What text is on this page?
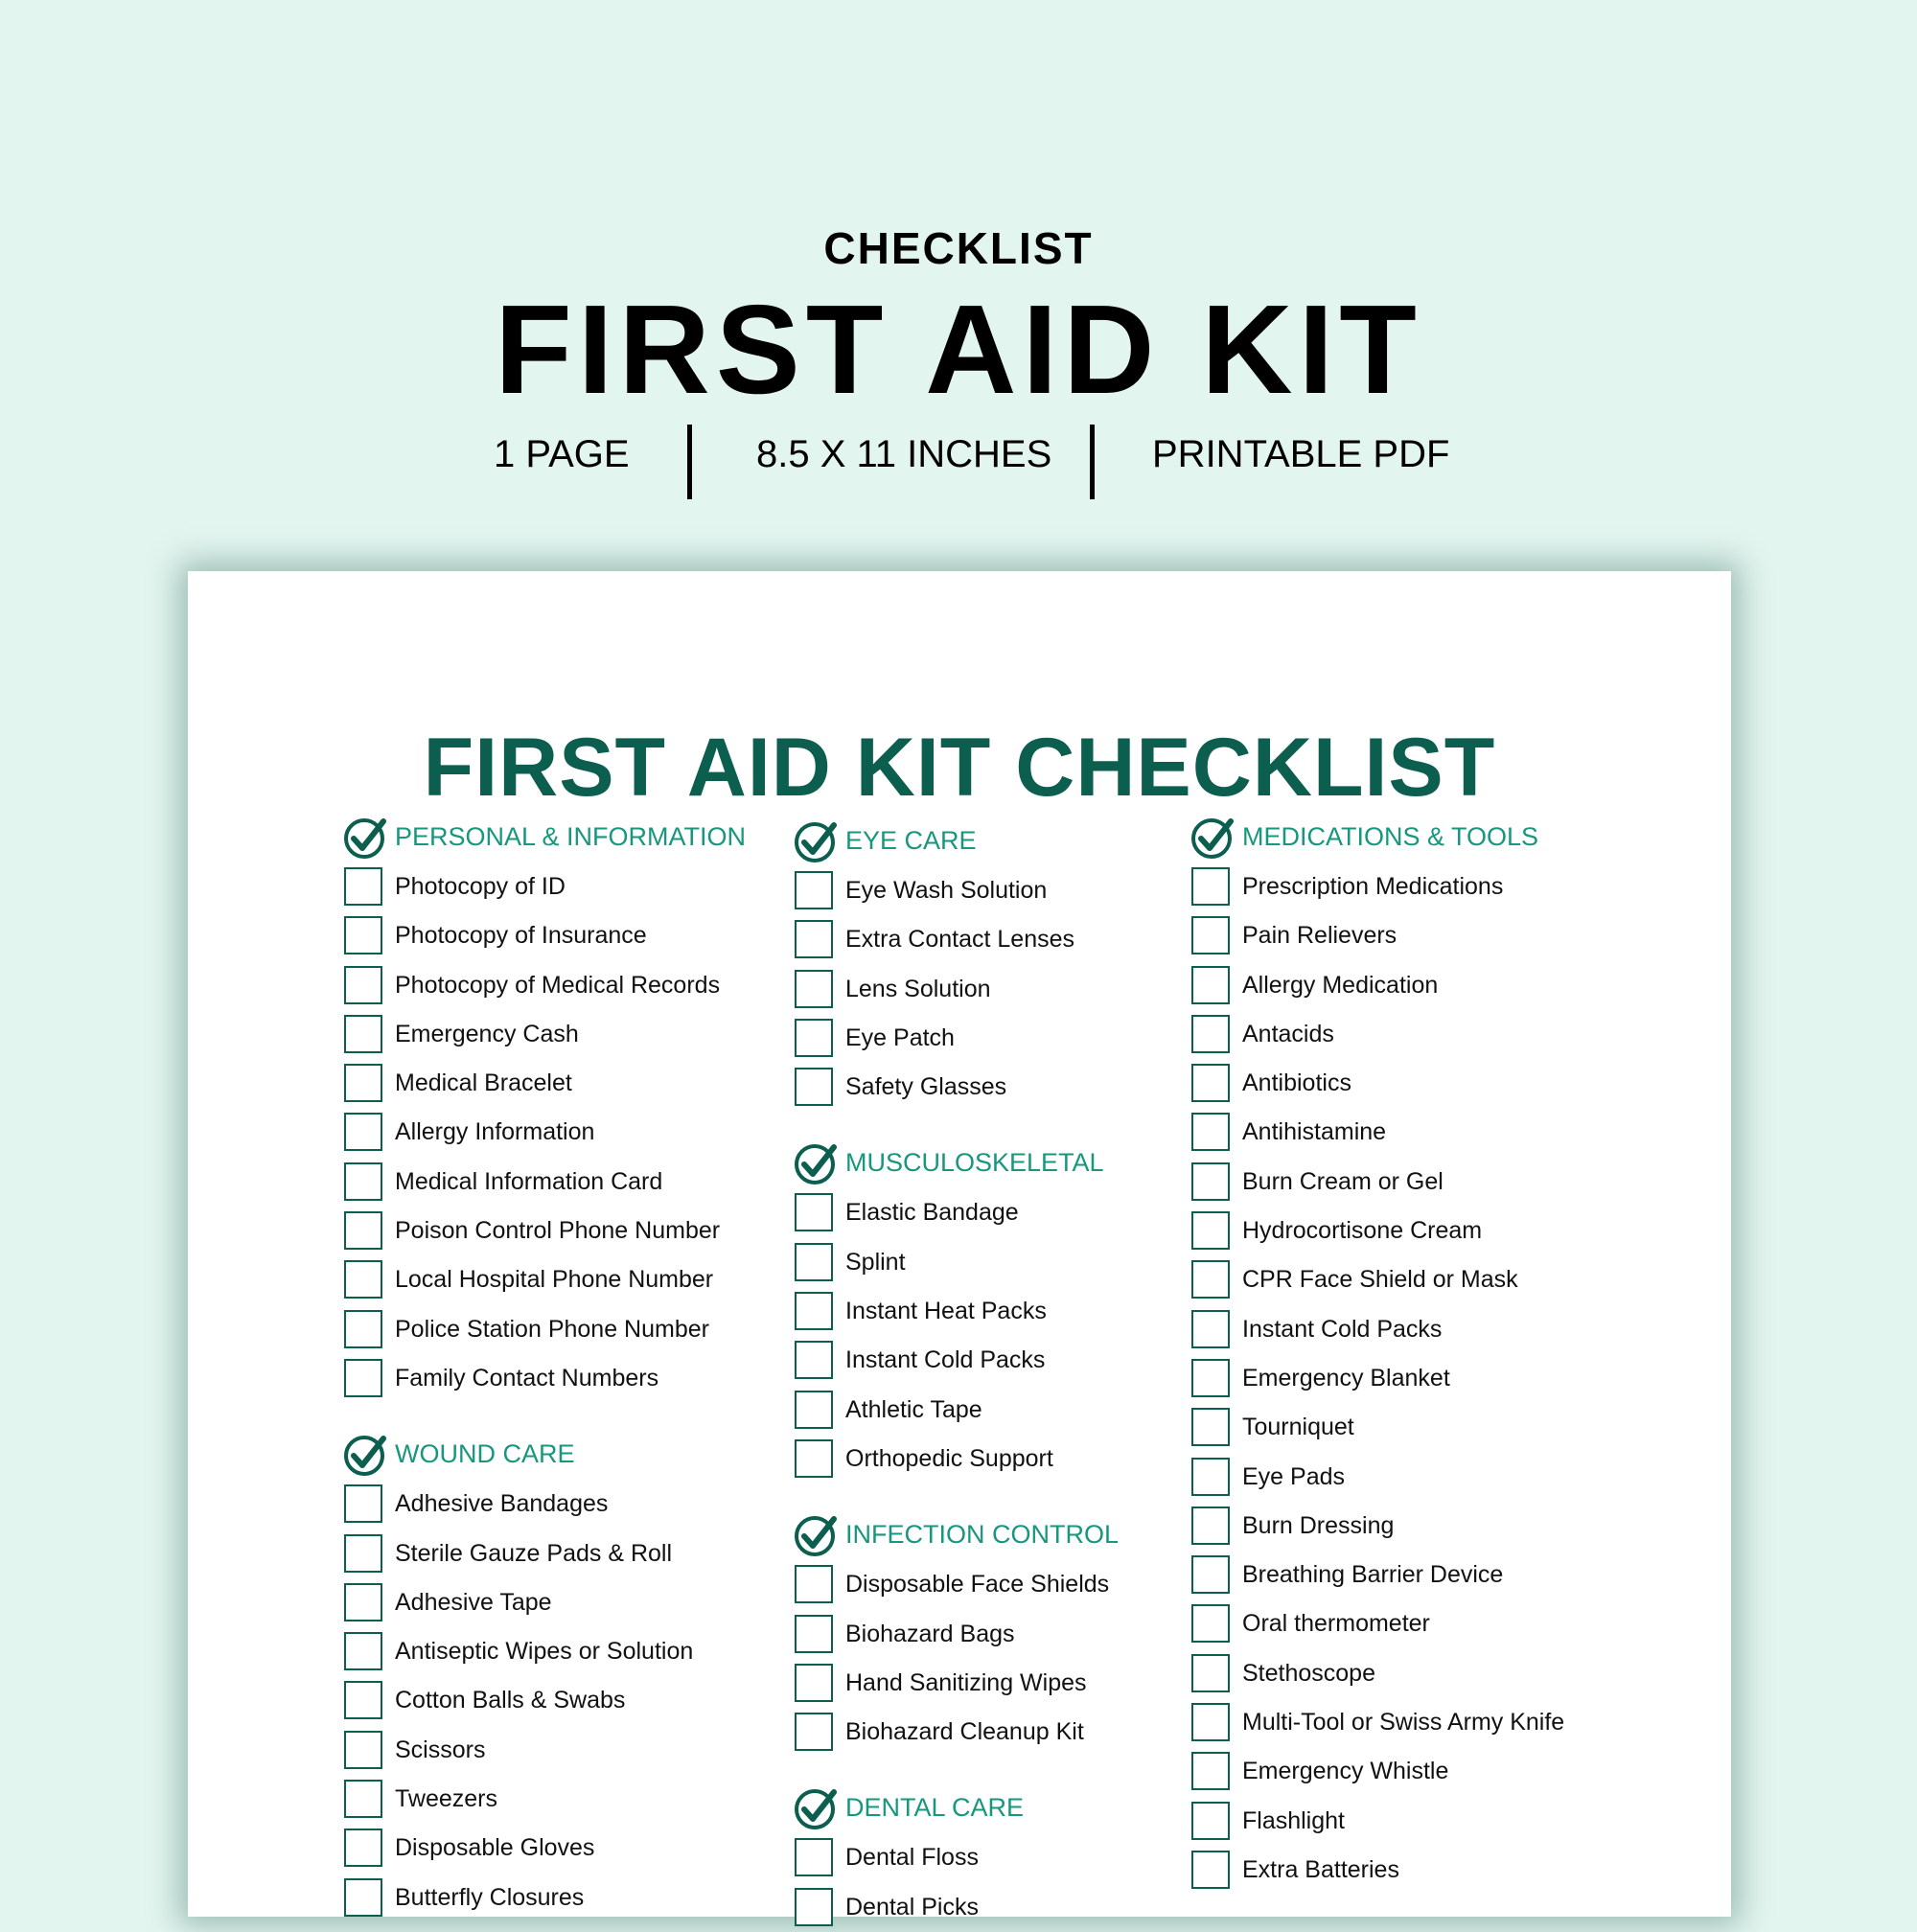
CHECKLIST
FIRST AID KIT
1 PAGE	8.5 X 11 INCHES	PRINTABLE PDF
FIRST AID KIT CHECKLIST
PERSONAL & INFORMATION
Photocopy of ID
Photocopy of Insurance
Photocopy of Medical Records
Emergency Cash
Medical Bracelet
Allergy Information
Medical Information Card
Poison Control Phone Number
Local Hospital Phone Number
Police Station Phone Number
Family Contact Numbers
WOUND CARE
Adhesive Bandages
Sterile Gauze Pads & Roll
Adhesive Tape
Antiseptic Wipes or Solution
Cotton Balls & Swabs
Scissors
Tweezers
Disposable Gloves
Butterfly Closures
EYE CARE
Eye Wash Solution
Extra Contact Lenses
Lens Solution
Eye Patch
Safety Glasses
MUSCULOSKELETAL
Elastic Bandage
Splint
Instant Heat Packs
Instant Cold Packs
Athletic Tape
Orthopedic Support
INFECTION CONTROL
Disposable Face Shields
Biohazard Bags
Hand Sanitizing Wipes
Biohazard Cleanup Kit
DENTAL CARE
Dental Floss
Dental Picks
MEDICATIONS & TOOLS
Prescription Medications
Pain Relievers
Allergy Medication
Antacids
Antibiotics
Antihistamine
Burn Cream or Gel
Hydrocortisone Cream
CPR Face Shield or Mask
Instant Cold Packs
Emergency Blanket
Tourniquet
Eye Pads
Burn Dressing
Breathing Barrier Device
Oral thermometer
Stethoscope
Multi-Tool or Swiss Army Knife
Emergency Whistle
Flashlight
Extra Batteries
